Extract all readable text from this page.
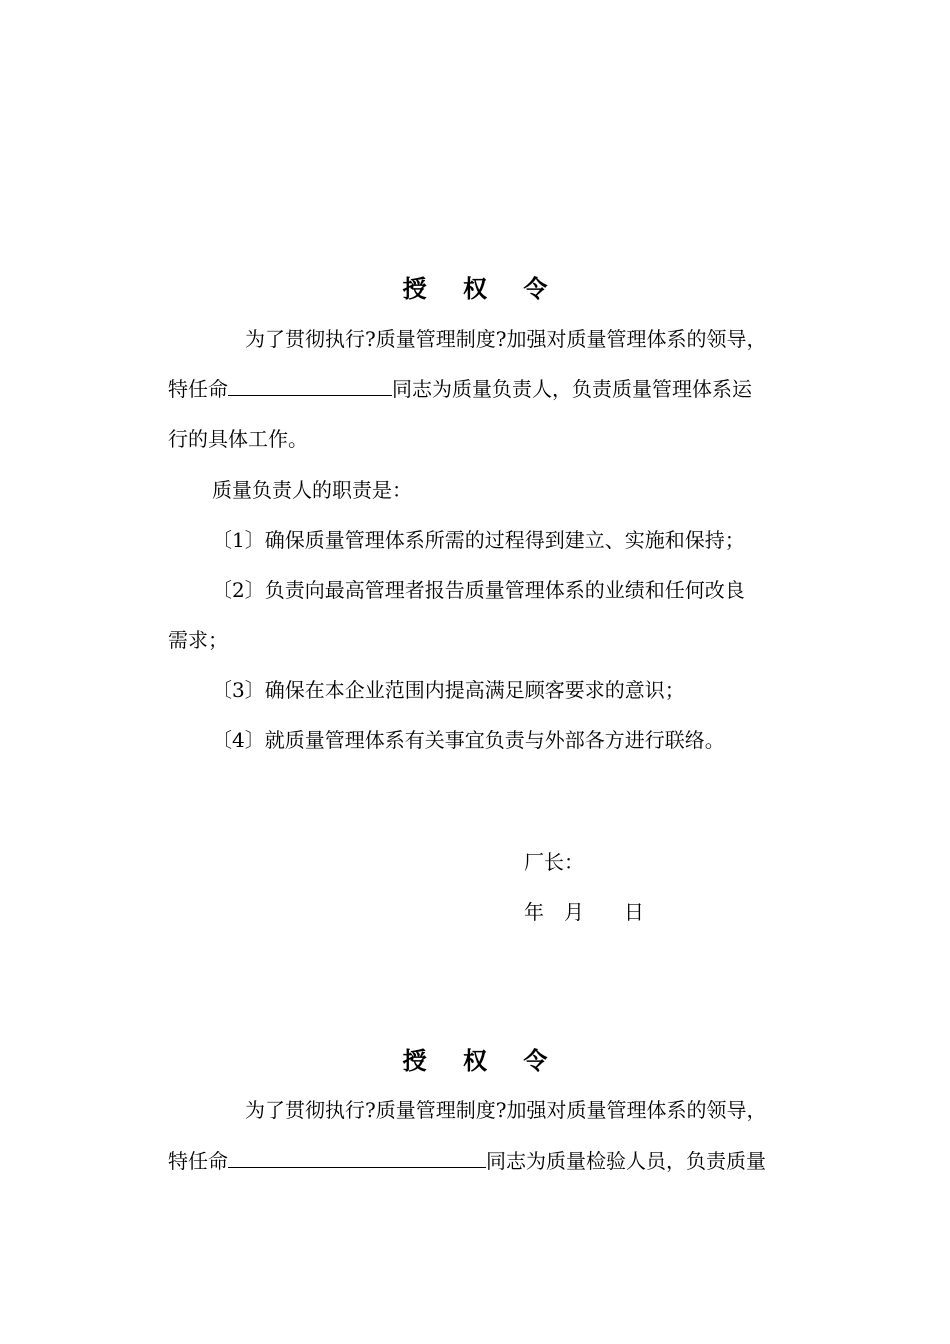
授 权 令
为了贯彻执行?质量管理制度?加强对质量管理体系的领导，
特任命	同志为质量负责人，负责质量管理体系运
行的具体工作。
质量负责人的职责是：
〔1〕确保质量管理体系所需的过程得到建立、实施和保持；
〔2〕负责向最高管理者报告质量管理体系的业绩和任何改良
需求；
〔3〕确保在本企业范围内提高满足顾客要求的意识；
〔4〕就质量管理体系有关事宜负责与外部各方进行联络。
厂长：
年　月　　日
授 权 令
为了贯彻执行?质量管理制度?加强对质量管理体系的领导，
特任命	同志为质量检验人员，负责质量
